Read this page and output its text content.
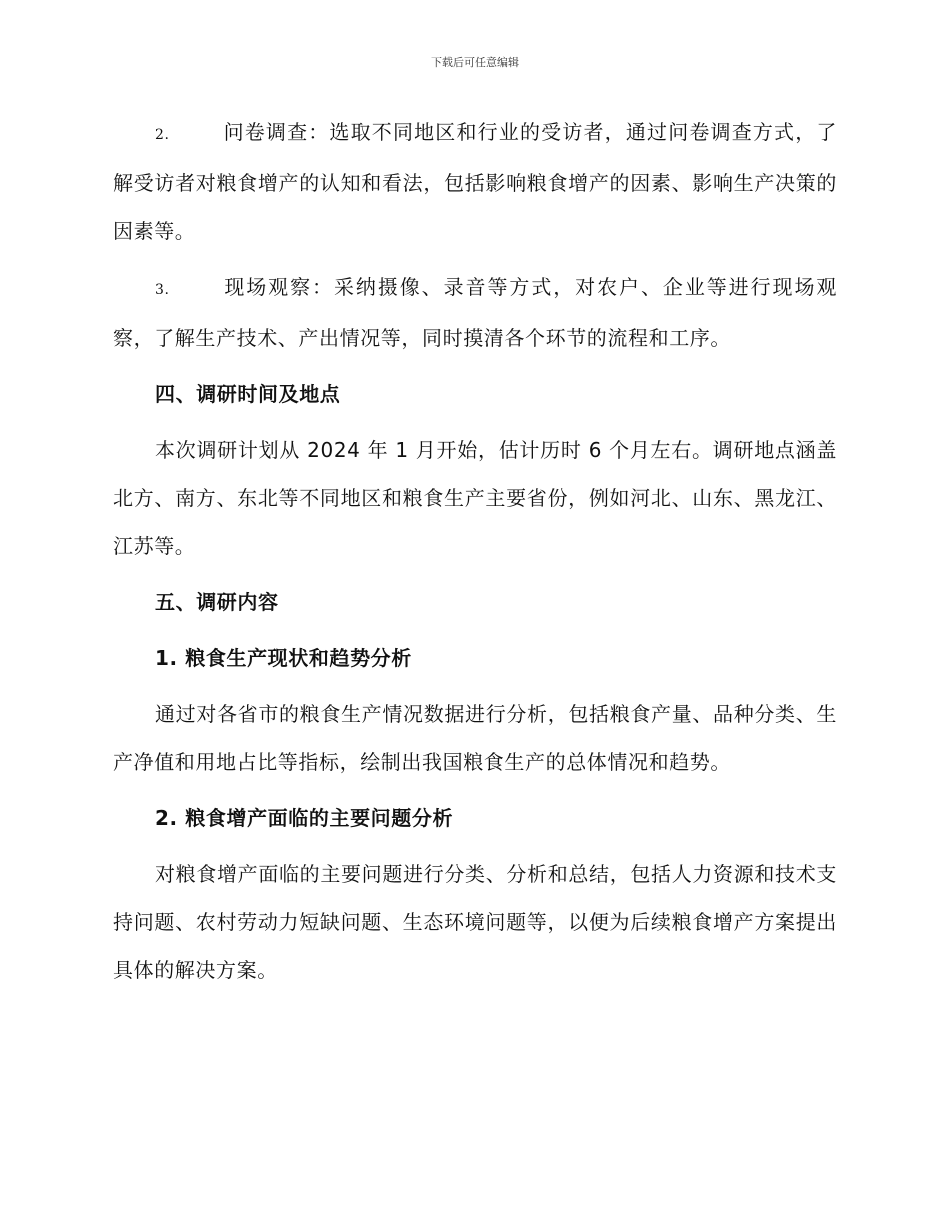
下载后可任意编辑

2.	问卷调查：选取不同地区和行业的受访者，通过问卷调查方式，了解受访者对粮食增产的认知和看法，包括影响粮食增产的因素、影响生产决策的因素等。

3.	现场观察：采纳摄像、录音等方式，对农户、企业等进行现场观察，了解生产技术、产出情况等，同时摸清各个环节的流程和工序。

四、调研时间及地点

本次调研计划从 2024 年 1 月开始，估计历时 6 个月左右。调研地点涵盖北方、南方、东北等不同地区和粮食生产主要省份，例如河北、山东、黑龙江、江苏等。

五、调研内容
1. 粮食生产现状和趋势分析

通过对各省市的粮食生产情况数据进行分析，包括粮食产量、品种分类、生产净值和用地占比等指标，绘制出我国粮食生产的总体情况和趋势。

2. 粮食增产面临的主要问题分析

对粮食增产面临的主要问题进行分类、分析和总结，包括人力资源和技术支持问题、农村劳动力短缺问题、生态环境问题等，以便为后续粮食增产方案提出具体的解决方案。
